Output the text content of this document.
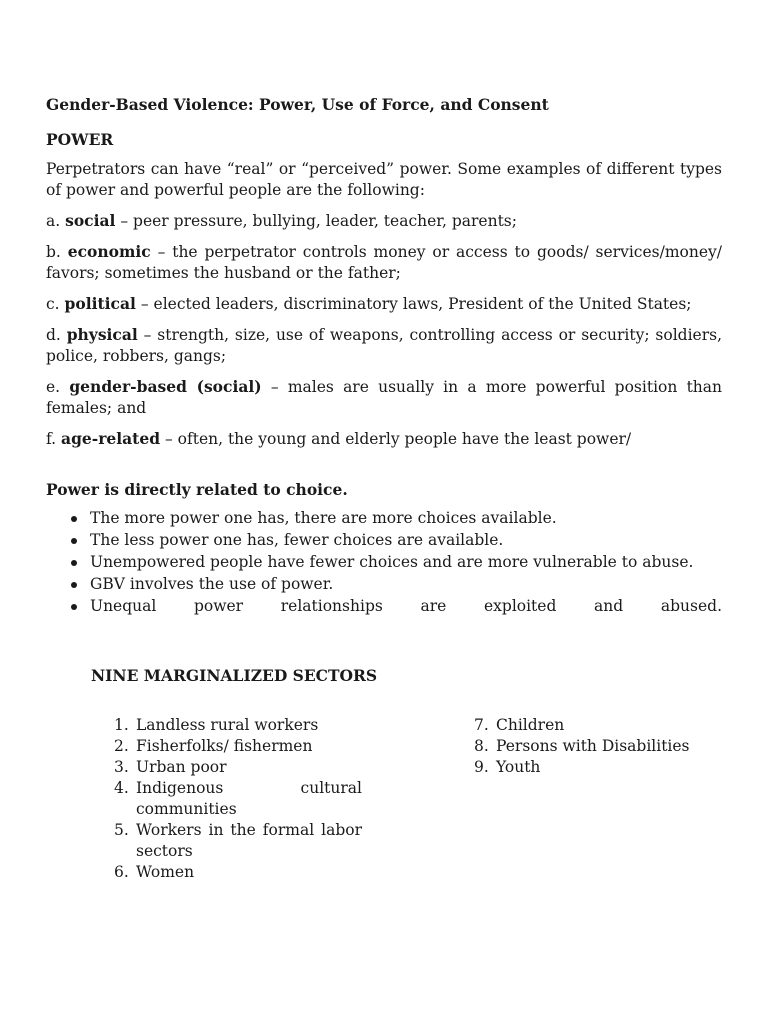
Gender-Based Violence: Power, Use of Force, and Consent
POWER
Perpetrators can have “real” or “perceived” power. Some examples of different types of power and powerful people are the following:
a. social – peer pressure, bullying, leader, teacher, parents;
b. economic – the perpetrator controls money or access to goods/ services/money/ favors; sometimes the husband or the father;
c. political – elected leaders, discriminatory laws, President of the United States;
d. physical – strength, size, use of weapons, controlling access or security; soldiers, police, robbers, gangs;
e. gender-based (social) – males are usually in a more powerful position than females; and
f. age-related – often, the young and elderly people have the least power/
Power is directly related to choice.
The more power one has, there are more choices available.
The less power one has, fewer choices are available.
Unempowered people have fewer choices and are more vulnerable to abuse.
GBV involves the use of power.
Unequal power relationships are exploited and abused.
NINE MARGINALIZED SECTORS
1. Landless rural workers
2. Fisherfolks/ fishermen
3. Urban poor
4. Indigenous cultural communities
5. Workers in the formal labor sectors
6. Women
7. Children
8. Persons with Disabilities
9. Youth
